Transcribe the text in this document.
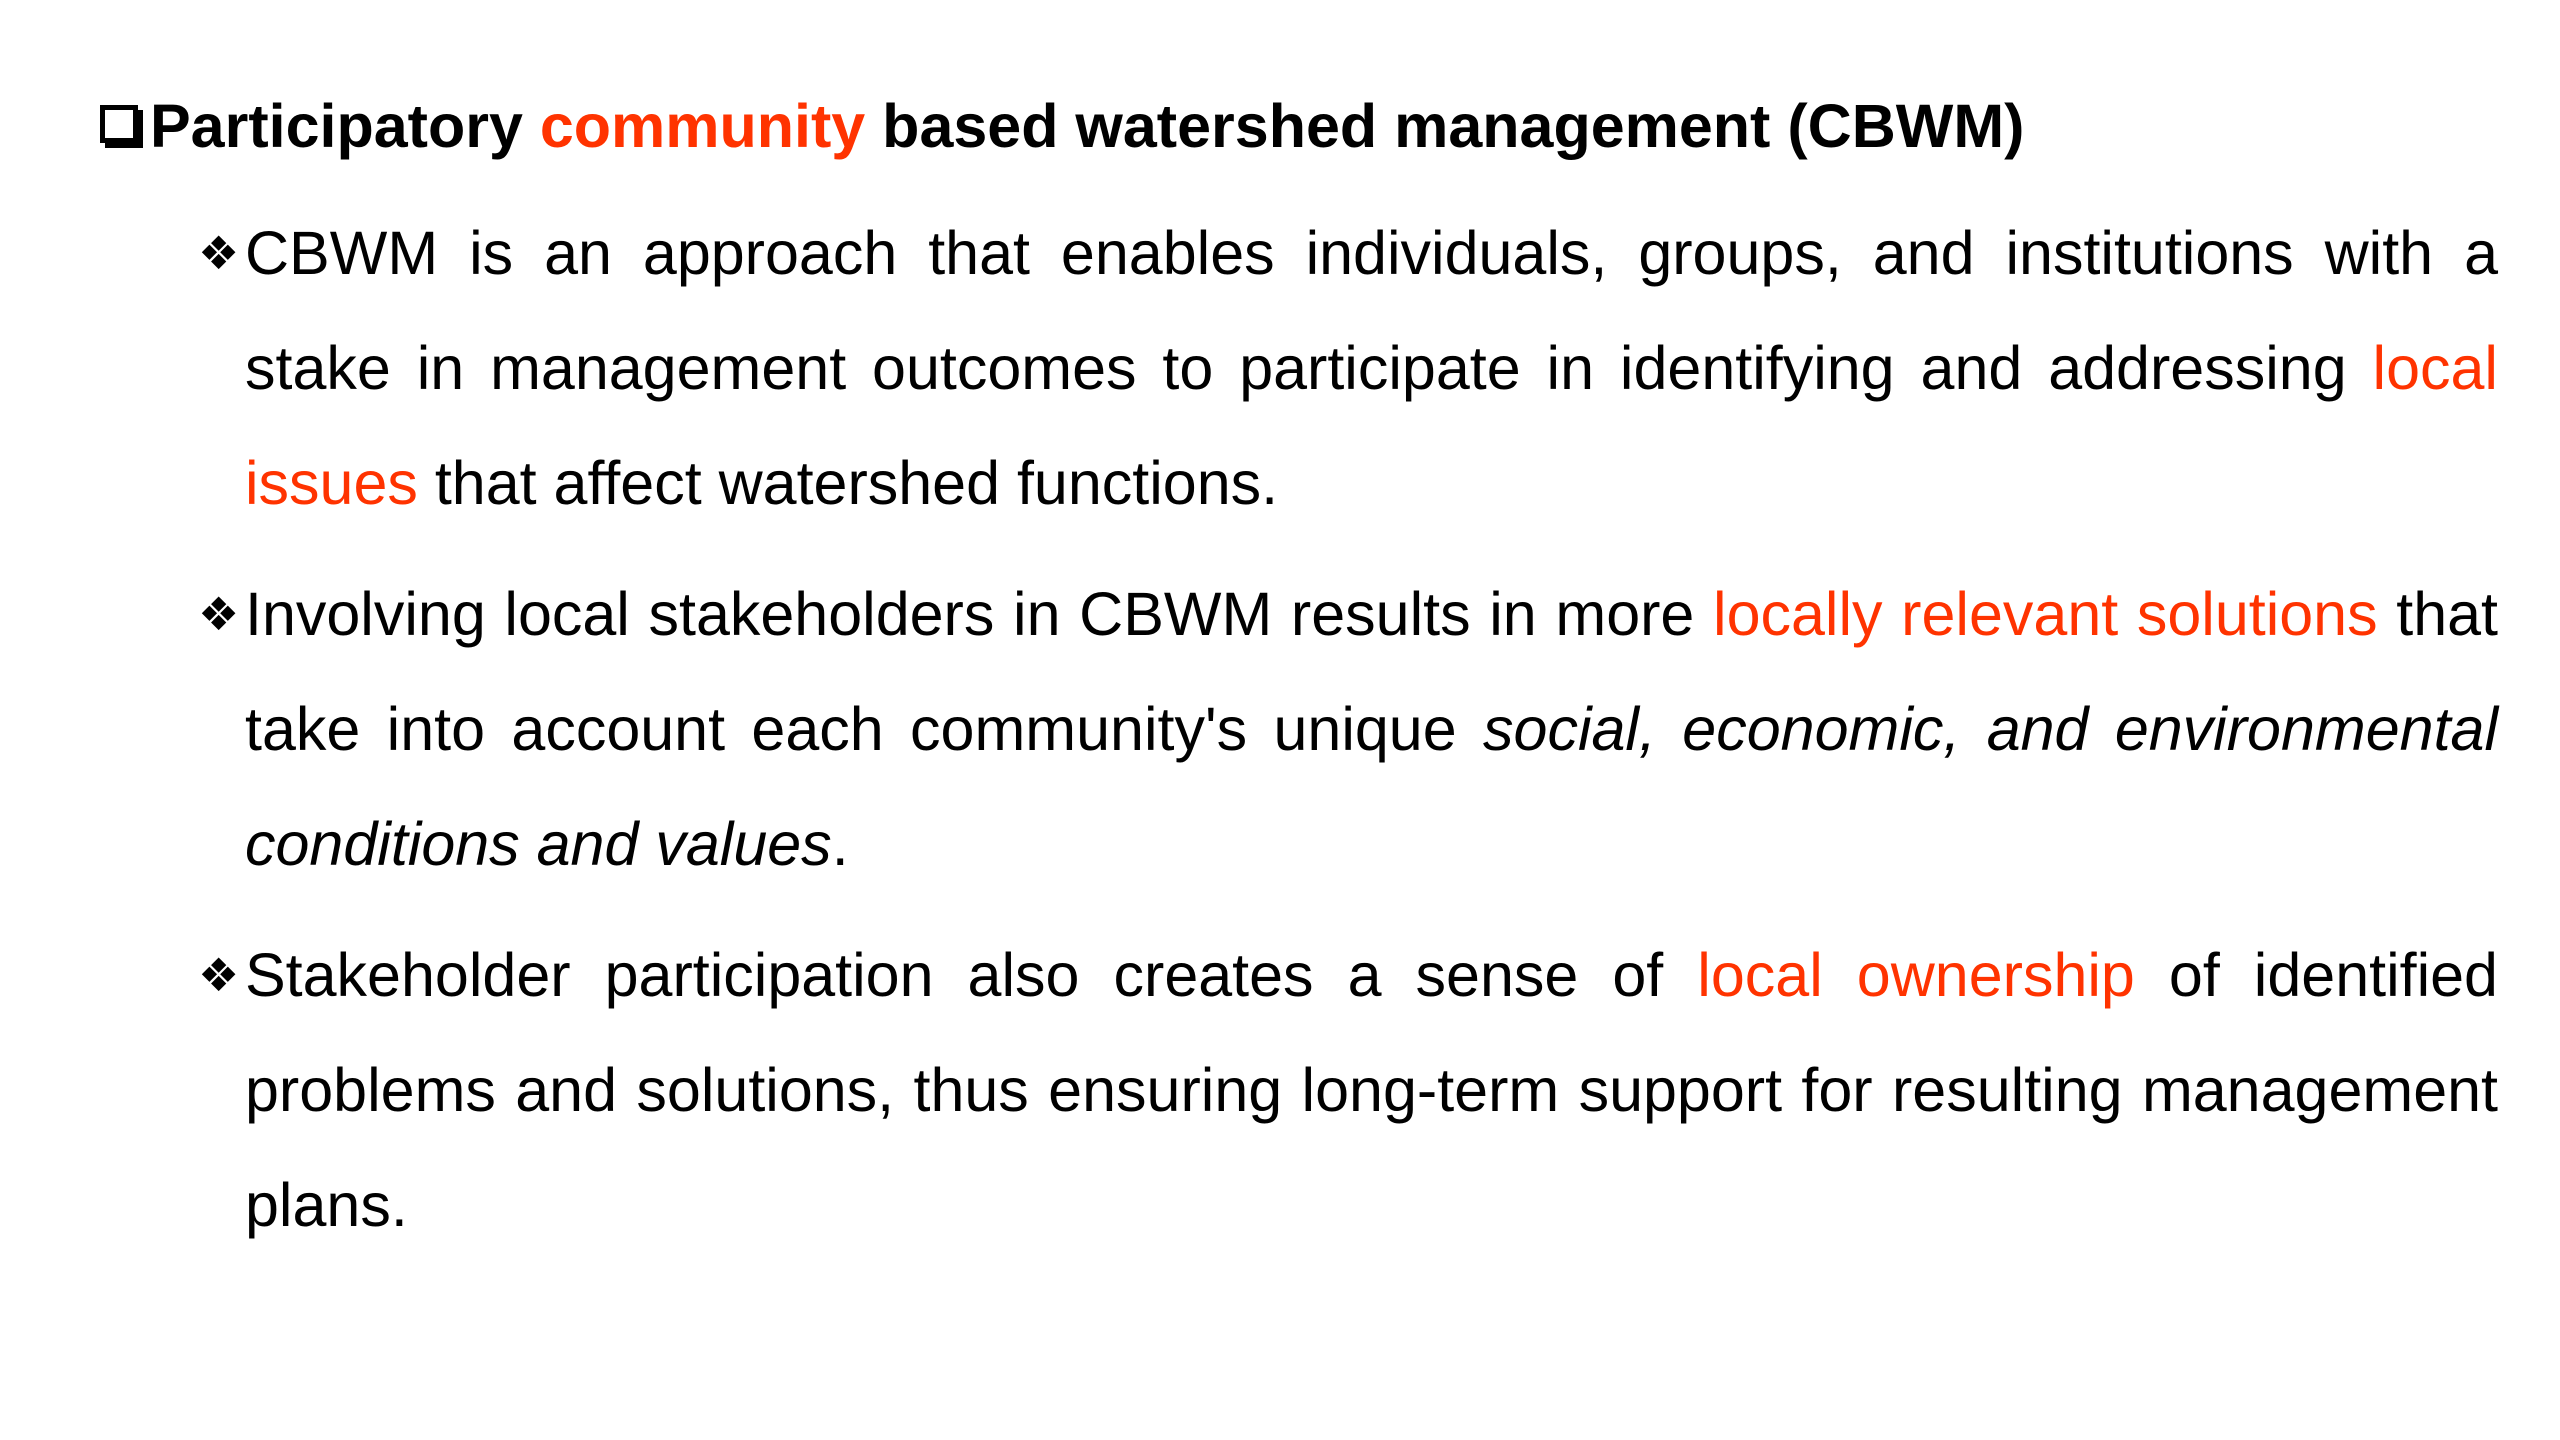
Participatory community based watershed management (CBWM)
❖ CBWM is an approach that enables individuals, groups, and institutions with a stake in management outcomes to participate in identifying and addressing local issues that affect watershed functions.
❖ Involving local stakeholders in CBWM results in more locally relevant solutions that take into account each community's unique social, economic, and environmental conditions and values.
❖ Stakeholder participation also creates a sense of local ownership of identified problems and solutions, thus ensuring long-term support for resulting management plans.
